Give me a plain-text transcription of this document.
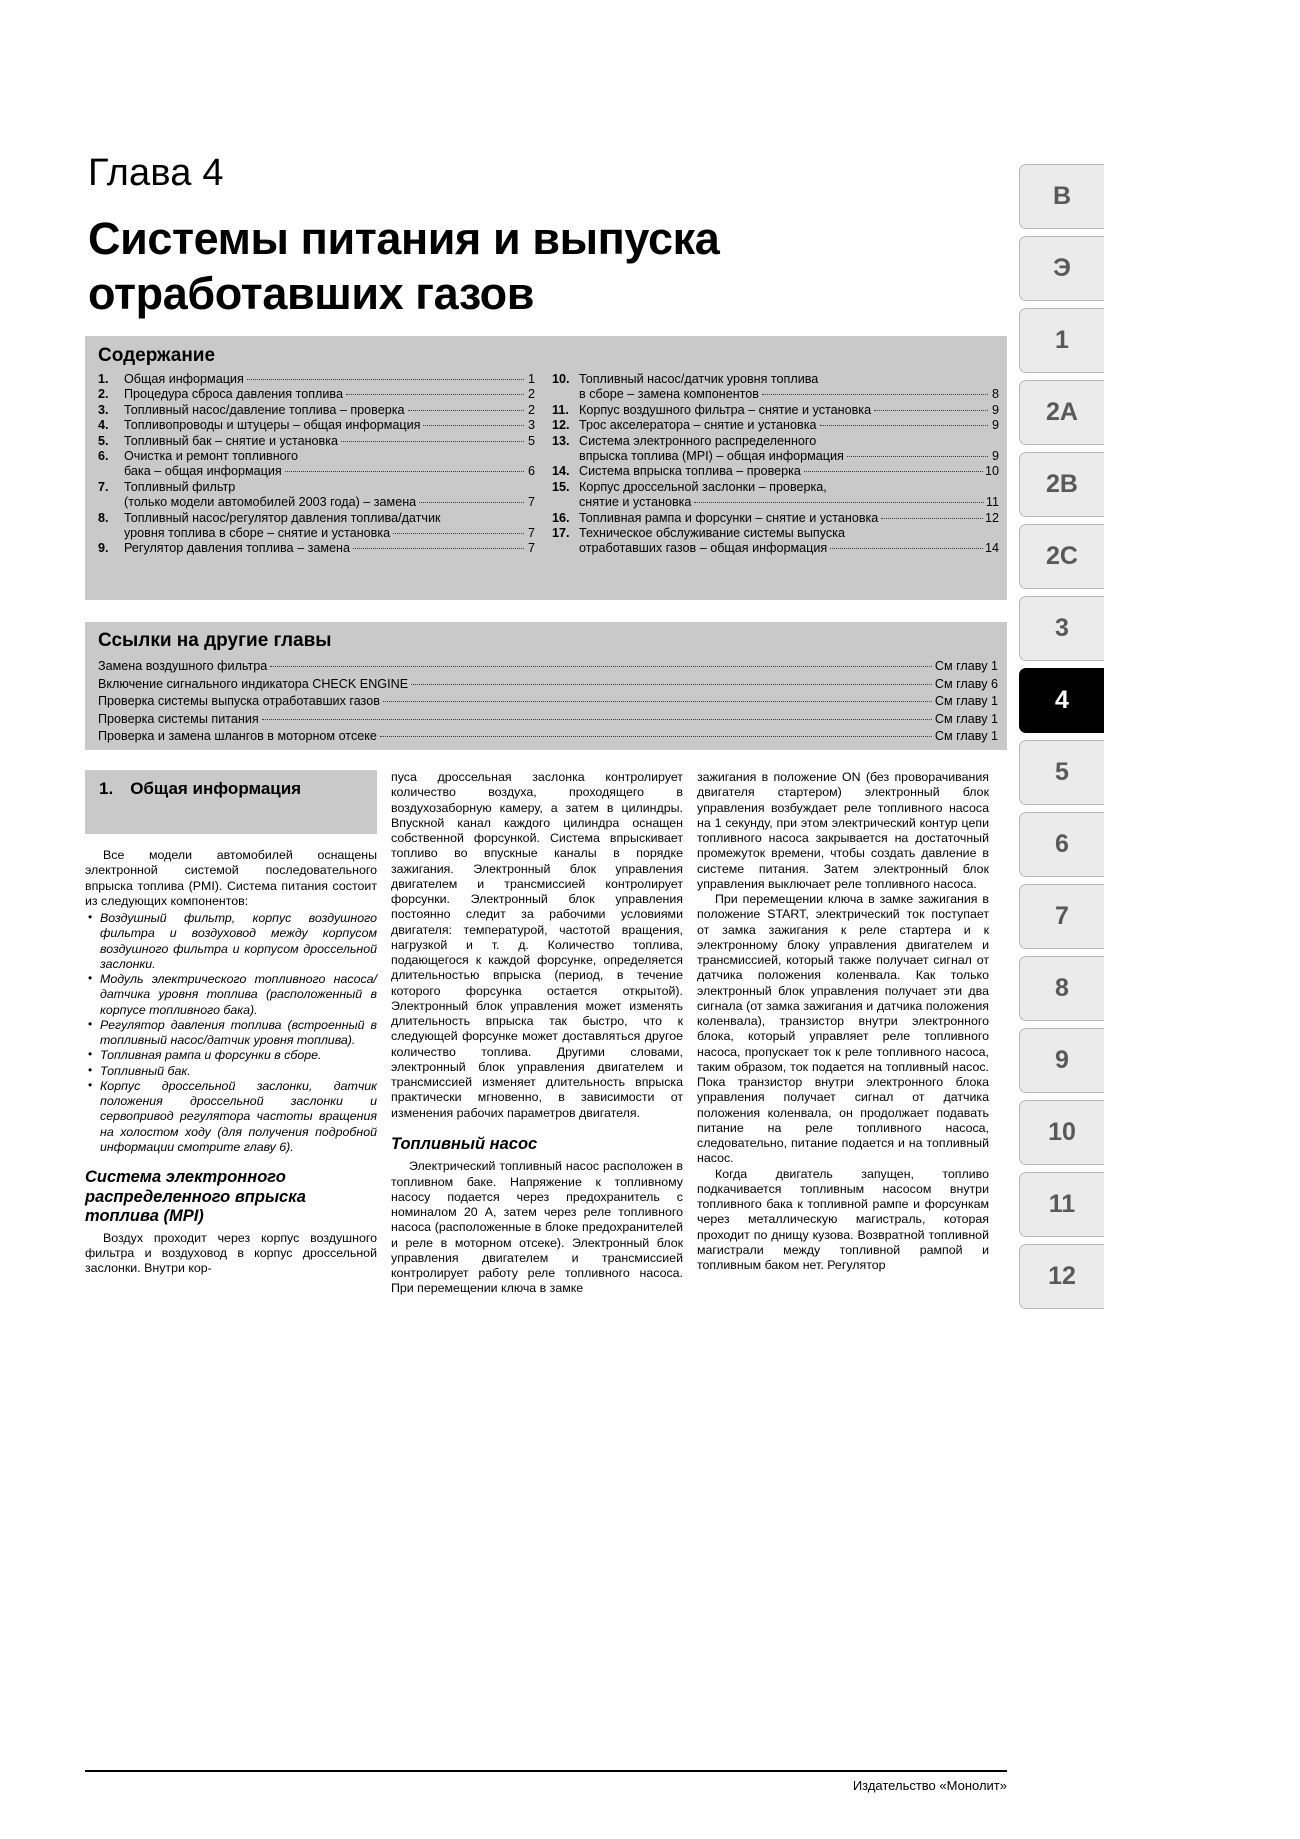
Глава 4
Системы питания и выпуска отработавших газов
Содержание
1.	Общая информация	1
2.	Процедура сброса давления топлива	2
3.	Топливный насос/давление топлива – проверка	2
4.	Топливопроводы и штуцеры – общая информация	3
5.	Топливный бак – снятие и установка	5
6.	Очистка и ремонт топливного
бака – общая информация	6
7.	Топливный фильтр
(только модели автомобилей 2003 года) – замена	7
8.	Топливный насос/регулятор давления топлива/датчик
уровня топлива в сборе – снятие и установка	7
9.	Регулятор давления топлива – замена	7
10. Топливный насос/датчик уровня топлива
в сборе – замена компонентов	8
11. Корпус воздушного фильтра – снятие и установка	9
12. Трос акселератора – снятие и установка	9
13. Система электронного распределенного
впрыска топлива (MPI) – общая информация	9
14. Система впрыска топлива – проверка	10
15. Корпус дроссельной заслонки – проверка,
снятие и установка	11
16. Топливная рампа и форсунки – снятие и установка	12
17. Техническое обслуживание системы выпуска
отработавших газов – общая информация	14
Ссылки на другие главы
Замена воздушного фильтра	См главу 1
Включение сигнального индикатора CHECK ENGINE	См главу 6
Проверка системы выпуска отработавших газов	См главу 1
Проверка системы питания	См главу 1
Проверка и замена шлангов в моторном отсеке	См главу 1
1. Общая информация

Все модели автомобилей оснащены электронной системой последовательного впрыска топлива (PMI). Система питания состоит из следующих компонентов:

• Воздушный фильтр, корпус воздушного фильтра и воздуховод между корпусом воздушного фильтра и корпусом дроссельной заслонки.
• Модуль электрического топливного насоса/датчика уровня топлива (расположенный в корпусе топливного бака).
• Регулятор давления топлива (встроенный в топливный насос/датчик уровня топлива).
• Топливная рампа и форсунки в сборе.
• Топливный бак.
• Корпус дроссельной заслонки, датчик положения дроссельной заслонки и сервопривод регулятора частоты вращения на холостом ходу (для получения подробной информации смотрите главу 6).
Система электронного распределенного впрыска топлива (MPI)

Воздух проходит через корпус воздушного фильтра и воздуховод в корпус дроссельной заслонки. Внутри кор-

пуса дроссельная заслонка контролирует количество воздуха, проходящего в воздухозаборную камеру, а затем в цилиндры. Впускной канал каждого цилиндра оснащен собственной форсункой. Система впрыскивает топливо во впускные каналы в порядке зажигания. Электронный блок управления двигателем и трансмиссией контролирует форсунки. Электронный блок управления постоянно следит за рабочими условиями двигателя: температурой, частотой вращения, нагрузкой и т. д. Количество топлива, подающегося к каждой форсунке, определяется длительностью впрыска (период, в течение которого форсунка остается открытой). Электронный блок управления может изменять длительность впрыска так быстро, что к следующей форсунке может доставляться другое количество топлива. Другими словами, электронный блок управления двигателем и трансмиссией изменяет длительность впрыска практически мгновенно, в зависимости от изменения рабочих параметров двигателя.

Топливный насос

Электрический топливный насос расположен в топливном баке. Напряжение к топливному насосу подается через предохранитель с номиналом 20 А, затем через реле топливного насоса (расположенные в блоке предохранителей и реле в моторном отсеке). Электронный блок управления двигателем и трансмиссией контролирует работу реле топливного насоса. При перемещении ключа в замке

зажигания в положение ON (без проворачивания двигателя стартером) электронный блок управления возбуждает реле топливного насоса на 1 секунду, при этом электрический контур цепи топливного насоса закрывается на достаточный промежуток времени, чтобы создать давление в системе питания. Затем электронный блок управления выключает реле топливного насоса.

При перемещении ключа в замке зажигания в положение START, электрический ток поступает от замка зажигания к реле стартера и к электронному блоку управления двигателем и трансмиссией, который также получает сигнал от датчика положения коленвала. Как только электронный блок управления получает эти два сигнала (от замка зажигания и датчика положения коленвала), транзистор внутри электронного блока, который управляет реле топливного насоса, пропускает ток к реле топливного насоса, таким образом, ток подается на топливный насос. Пока транзистор внутри электронного блока управления получает сигнал от датчика положения коленвала, он продолжает подавать питание на реле топливного насоса, следовательно, питание подается и на топливный насос.

Когда двигатель запущен, топливо подкачивается топливным насосом внутри топливного бака к топливной рампе и форсункам через металлическую магистраль, которая проходит по днищу кузова. Возвратной топливной магистрали между топливной рампой и топливным баком нет. Регулятор

В
Э
1
2А
2В
2С
3
4
5
6
7
8
9
10
11
12
Издательство «Монолит»
